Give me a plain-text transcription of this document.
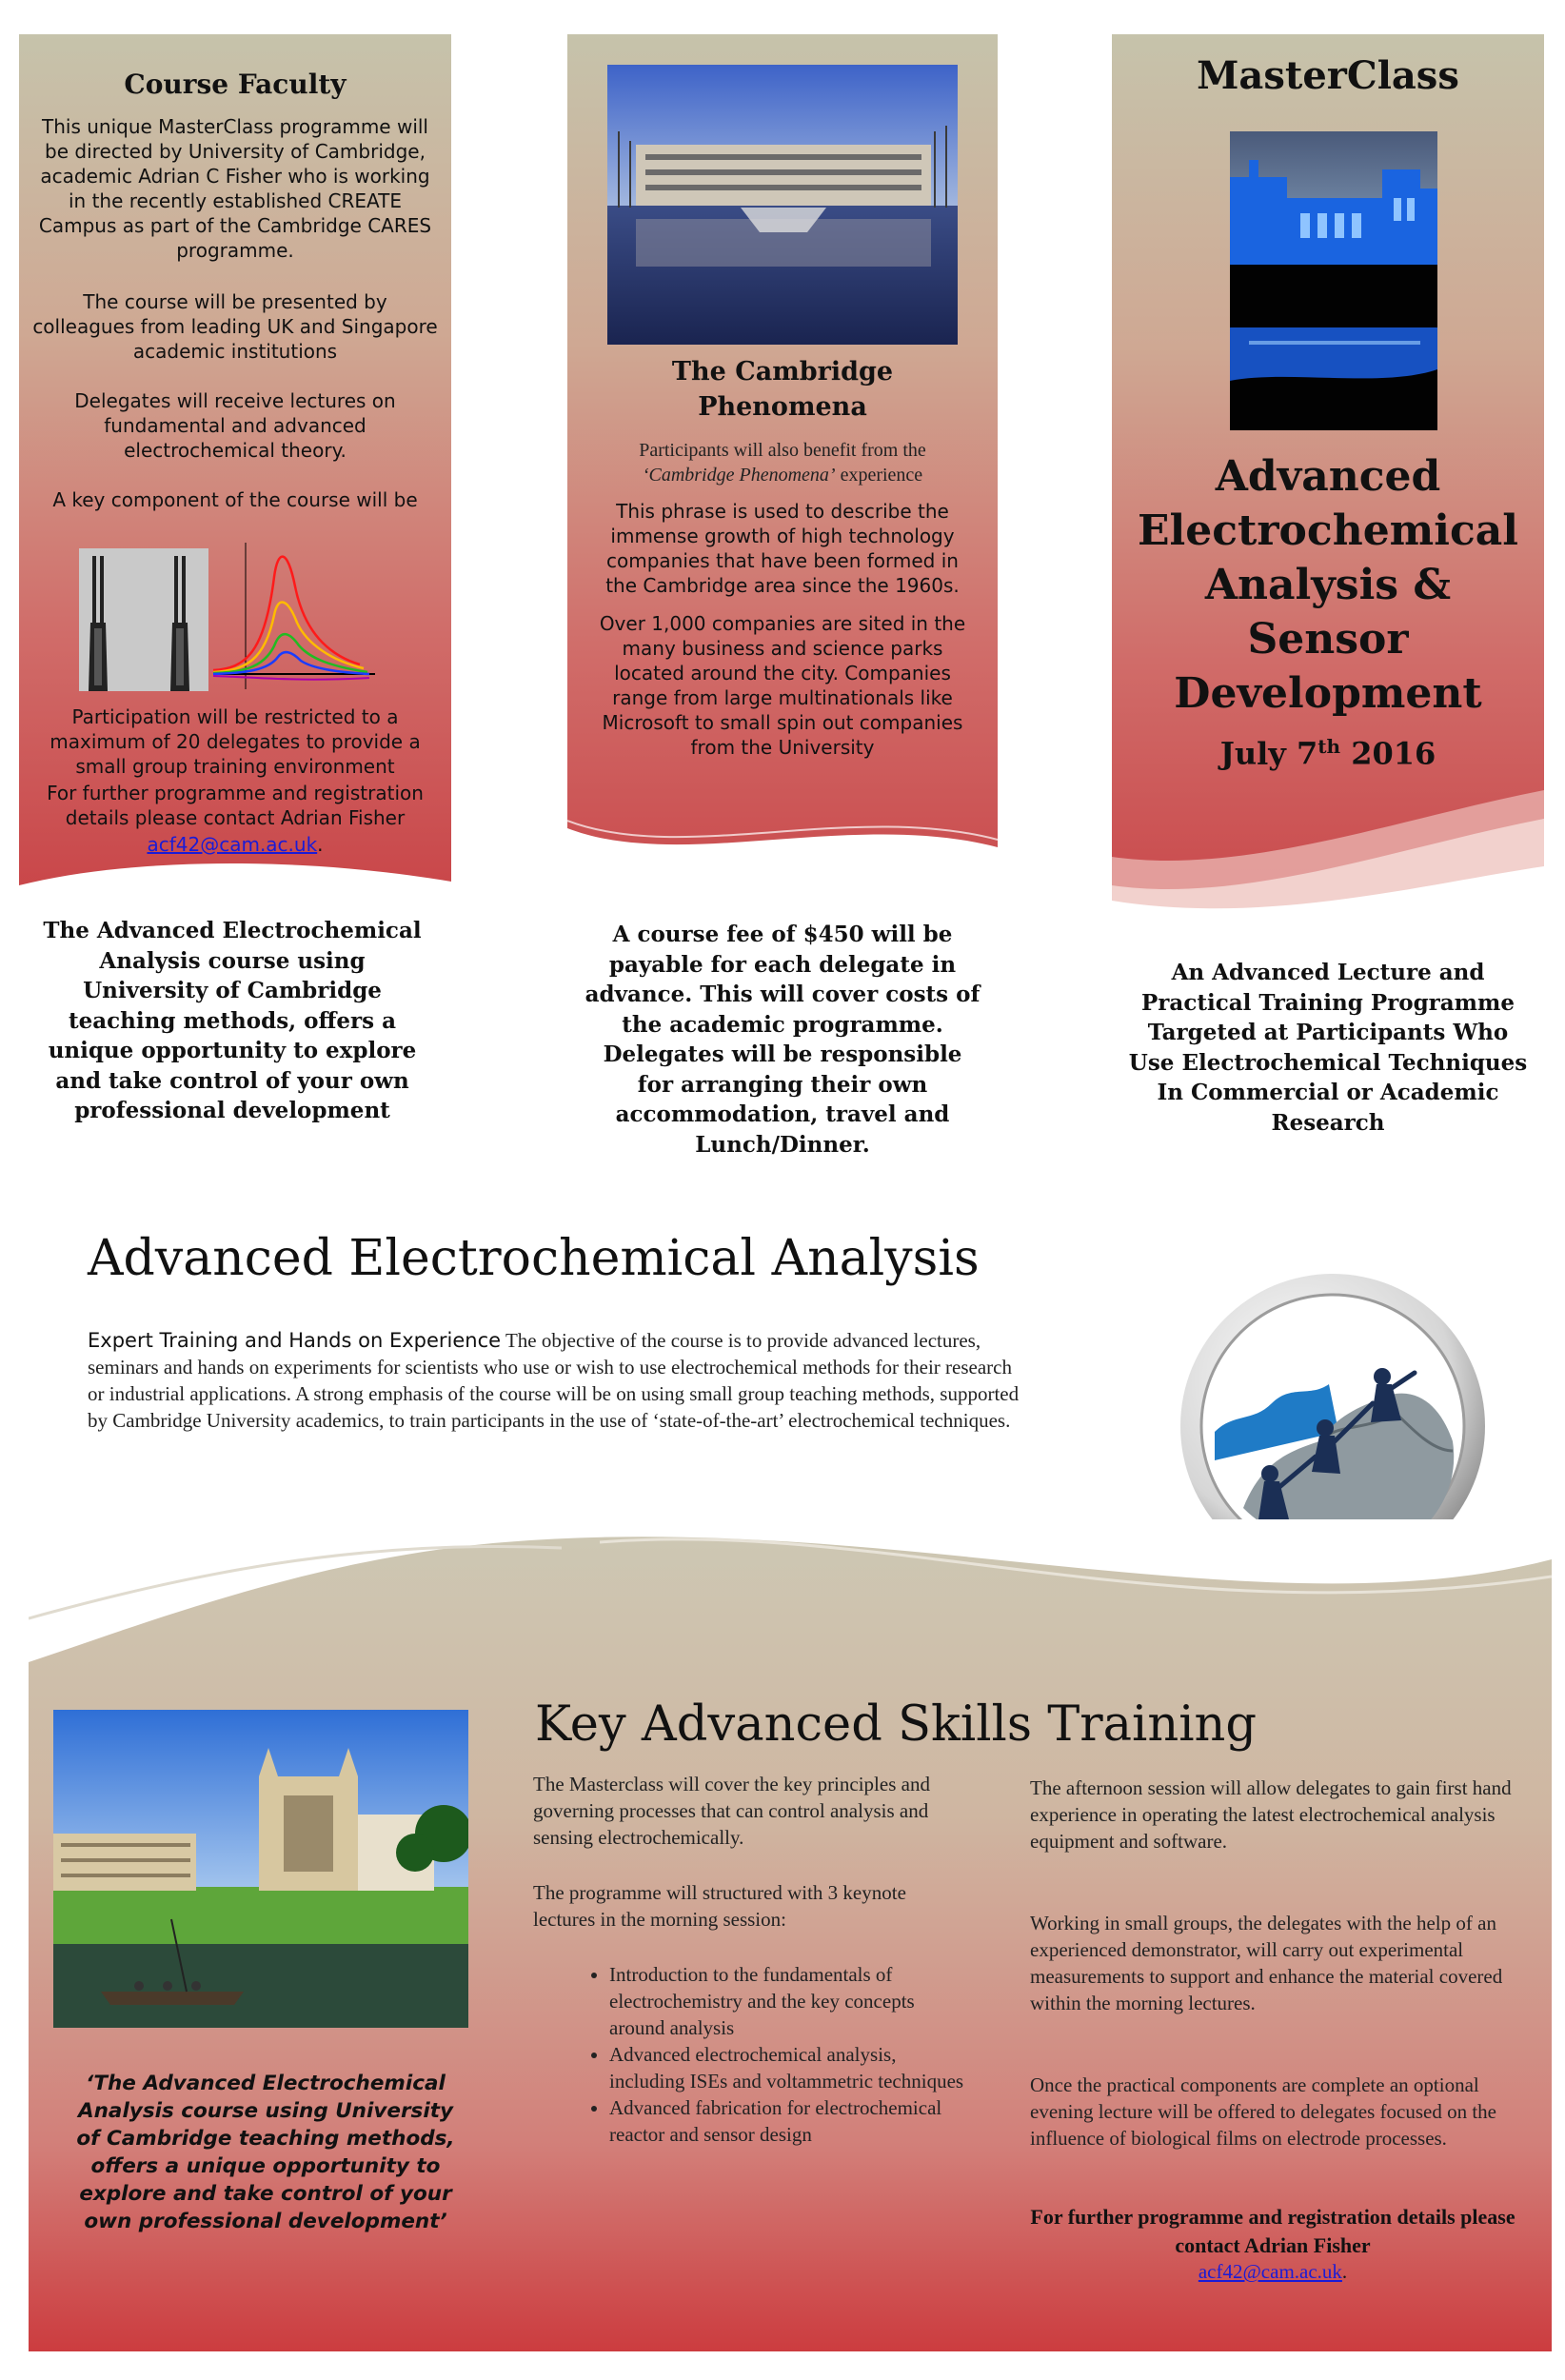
Course Faculty
This unique MasterClass programme will be directed by University of Cambridge, academic Adrian C Fisher who is working in the recently established CREATE Campus as part of the Cambridge CARES programme.
The course will be presented by colleagues from leading UK and Singapore academic institutions
Delegates will receive lectures on fundamental and advanced electrochemical theory.
A key component of the course will be
Participation will be restricted to a maximum of 20 delegates to provide a small group training environment
For further programme and registration details please contact Adrian Fisher
acf42@cam.ac.uk.
The Advanced Electrochemical Analysis course using University of Cambridge teaching methods, offers a unique opportunity to explore and take control of your own professional development
The Cambridge Phenomena
Participants will also benefit from the ‘Cambridge Phenomena’ experience
This phrase is used to describe the immense growth of high technology companies that have been formed in the Cambridge area since the 1960s.
Over 1,000 companies are sited in the many business and science parks located around the city. Companies range from large multinationals like Microsoft to small spin out companies from the University
A course fee of $450 will be payable for each delegate in advance. This will cover costs of the academic programme. Delegates will be responsible for arranging their own accommodation, travel and Lunch/Dinner.
MasterClass
Advanced Electrochemical Analysis & Sensor Development
July 7th 2016
An Advanced Lecture and Practical Training Programme Targeted at Participants Who Use Electrochemical Techniques In Commercial or Academic Research
Advanced Electrochemical Analysis
Expert Training and Hands on Experience The objective of the course is to provide advanced lectures, seminars and hands on experiments for scientists who use or wish to use electrochemical methods for their research or industrial applications. A strong emphasis of the course will be on using small group teaching methods, supported by Cambridge University academics, to train participants in the use of ‘state-of-the-art’ electrochemical techniques.
Key Advanced Skills Training
‘The Advanced Electrochemical Analysis course using University of Cambridge teaching methods, offers a unique opportunity to explore and take control of your own professional development’
The Masterclass will cover the key principles and governing processes that can control analysis and sensing electrochemically.
The programme will structured with 3 keynote lectures in the morning session:
• Introduction to the fundamentals of electrochemistry and the key concepts around analysis
• Advanced electrochemical analysis, including ISEs and voltammetric techniques
• Advanced fabrication for electrochemical reactor and sensor design
The afternoon session will allow delegates to gain first hand experience in operating the latest electrochemical analysis equipment and software.
Working in small groups, the delegates with the help of an experienced demonstrator, will carry out experimental measurements to support and enhance the material covered within the morning lectures.
Once the practical components are complete an optional evening lecture will be offered to delegates focused on the influence of biological films on electrode processes.
For further programme and registration details please contact Adrian Fisher
acf42@cam.ac.uk.
